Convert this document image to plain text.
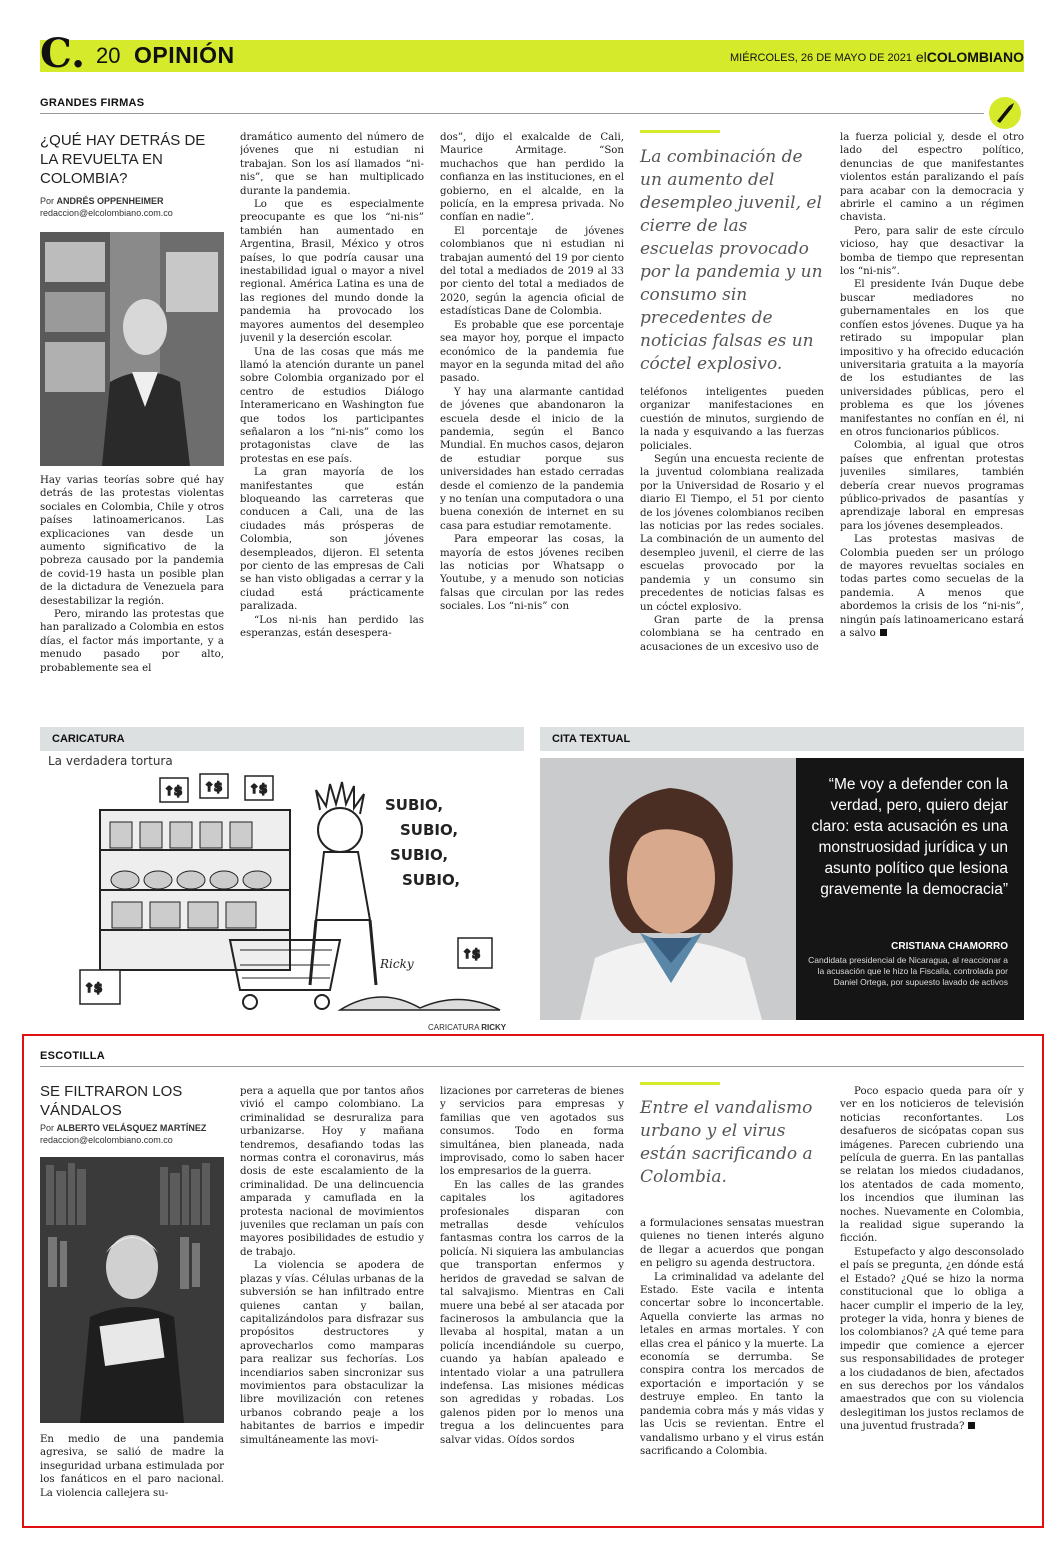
C. 20 OPINIÓN	MIÉRCOLES, 26 DE MAYO DE 2021 elCOLOMBIANO
GRANDES FIRMAS
¿QUÉ HAY DETRÁS DE LA REVUELTA EN COLOMBIA?
Por ANDRÉS OPPENHEIMER
redaccion@elcolombiano.com.co

Hay varias teorías sobre qué hay detrás de las protestas violentas sociales en Colombia, Chile y otros países latinoamericanos. Las explicaciones van desde un aumento significativo de la pobreza causado por la pandemia de covid-19 hasta un posible plan de la dictadura de Venezuela para desestabilizar la región.

Pero, mirando las protestas que han paralizado a Colombia en estos días, el factor más importante, y a menudo pasado por alto, probablemente sea el

dramático aumento del número de jóvenes que ni estudian ni trabajan. Son los así llamados “ni-nis”, que se han multiplicado durante la pandemia.

Lo que es especialmente preocupante es que los “ni-nis” también han aumentado en Argentina, Brasil, México y otros países, lo que podría causar una inestabilidad igual o mayor a nivel regional. América Latina es una de las regiones del mundo donde la pandemia ha provocado los mayores aumentos del desempleo juvenil y la deserción escolar.

Una de las cosas que más me llamó la atención durante un panel sobre Colombia organizado por el centro de estudios Diálogo Interamericano en Washington fue que todos los participantes señalaron a los “ni-nis” como los protagonistas clave de las protestas en ese país.

La gran mayoría de los manifestantes que están bloqueando las carreteras que conducen a Cali, una de las ciudades más prósperas de Colombia, son jóvenes desempleados, dijeron. El setenta por ciento de las empresas de Cali se han visto obligadas a cerrar y la ciudad está prácticamente paralizada.

“Los ni-nis han perdido las esperanzas, están desespera-

dos”, dijo el exalcalde de Cali, Maurice Armitage. “Son muchachos que han perdido la confianza en las instituciones, en el gobierno, en el alcalde, en la policía, en la empresa privada. No confían en nadie”.

El porcentaje de jóvenes colombianos que ni estudian ni trabajan aumentó del 19 por ciento del total a mediados de 2019 al 33 por ciento del total a mediados de 2020, según la agencia oficial de estadísticas Dane de Colombia.

Es probable que ese porcentaje sea mayor hoy, porque el impacto económico de la pandemia fue mayor en la segunda mitad del año pasado.

Y hay una alarmante cantidad de jóvenes que abandonaron la escuela desde el inicio de la pandemia, según el Banco Mundial. En muchos casos, dejaron de estudiar porque sus universidades han estado cerradas desde el comienzo de la pandemia y no tenían una computadora o una buena conexión de internet en su casa para estudiar remotamente.

Para empeorar las cosas, la mayoría de estos jóvenes reciben las noticias por Whatsapp o Youtube, y a menudo son noticias falsas que circulan por las redes sociales. Los “ni-nis” con

La combinación de un aumento del desempleo juvenil, el cierre de las escuelas provocado por la pandemia y un consumo sin precedentes de noticias falsas es un cóctel explosivo.

teléfonos inteligentes pueden organizar manifestaciones en cuestión de minutos, surgiendo de la nada y esquivando a las fuerzas policiales.

Según una encuesta reciente de la juventud colombiana realizada por la Universidad de Rosario y el diario El Tiempo, el 51 por ciento de los jóvenes colombianos reciben las noticias por las redes sociales. La combinación de un aumento del desempleo juvenil, el cierre de las escuelas provocado por la pandemia y un consumo sin precedentes de noticias falsas es un cóctel explosivo.

Gran parte de la prensa colombiana se ha centrado en acusaciones de un excesivo uso de

la fuerza policial y, desde el otro lado del espectro político, denuncias de que manifestantes violentos están paralizando el país para acabar con la democracia y abrirle el camino a un régimen chavista.

Pero, para salir de este círculo vicioso, hay que desactivar la bomba de tiempo que representan los “ni-nis”.

El presidente Iván Duque debe buscar mediadores no gubernamentales en los que confíen estos jóvenes. Duque ya ha retirado su impopular plan impositivo y ha ofrecido educación universitaria gratuita a la mayoría de los estudiantes de las universidades públicas, pero el problema es que los jóvenes manifestantes no confían en él, ni en otros funcionarios públicos.

Colombia, al igual que otros países que enfrentan protestas juveniles similares, también debería crear nuevos programas público-privados de pasantías y aprendizaje laboral en empresas para los jóvenes desempleados.

Las protestas masivas de Colombia pueden ser un prólogo de mayores revueltas sociales en todas partes como secuelas de la pandemia. A menos que abordemos la crisis de los “ni-nis”, ningún país latinoamericano estará a salvo

CARICATURA
La verdadera tortura
↑$ ↑$
↑$
↑$
↑$
SUBIO,
SUBIO,
SUBIO,
SUBIO,
Ricky
CARICATURA RICKY
CITA TEXTUAL
“Me voy a defender con la verdad, pero, quiero dejar claro: esta acusación es una monstruosidad jurídica y un asunto político que lesiona gravemente la democracia”
CRISTIANA CHAMORRO
Candidata presidencial de Nicaragua, al reaccionar a la acusación que le hizo la Fiscalía, controlada por Daniel Ortega, por supuesto lavado de activos
ESCOTILLA
SE FILTRARON LOS VÁNDALOS
Por ALBERTO VELÁSQUEZ MARTÍNEZ
redaccion@elcolombiano.com.co

En medio de una pandemia agresiva, se salió de madre la inseguridad urbana estimulada por los fanáticos en el paro nacional. La violencia callejera su-

pera a aquella que por tantos años vivió el campo colombiano. La criminalidad se desruraliza para urbanizarse. Hoy y mañana tendremos, desafiando todas las normas contra el coronavirus, más dosis de este escalamiento de la criminalidad. De una delincuencia amparada y camuflada en la protesta nacional de movimientos juveniles que reclaman un país con mayores posibilidades de estudio y de trabajo.

La violencia se apodera de plazas y vías. Células urbanas de la subversión se han infiltrado entre quienes cantan y bailan, capitalizándolos para disfrazar sus propósitos destructores y aprovecharlos como mamparas para realizar sus fechorías. Los incendiarios saben sincronizar sus movimientos para obstaculizar la libre movilización con retenes urbanos cobrando peaje a los habitantes de barrios e impedir simultáneamente las movi-

lizaciones por carreteras de bienes y servicios para empresas y familias que ven agotados sus consumos. Todo en forma simultánea, bien planeada, nada improvisado, como lo saben hacer los empresarios de la guerra.

En las calles de las grandes capitales los agitadores profesionales disparan con metrallas desde vehículos fantasmas contra los carros de la policía. Ni siquiera las ambulancias que transportan enfermos y heridos de gravedad se salvan de tal salvajismo. Mientras en Cali muere una bebé al ser atacada por facinerosos la ambulancia que la llevaba al hospital, matan a un policía incendiándole su cuerpo, cuando ya habían apaleado e intentado violar a una patrullera indefensa. Las misiones médicas son agredidas y robadas. Los galenos piden por lo menos una tregua a los delincuentes para salvar vidas. Oídos sordos

Entre el vandalismo urbano y el virus están sacrificando a Colombia.

a formulaciones sensatas muestran quienes no tienen interés alguno de llegar a acuerdos que pongan en peligro su agenda destructora.

La criminalidad va adelante del Estado. Este vacila e intenta concertar sobre lo inconcertable. Aquella convierte las armas no letales en armas mortales. Y con ellas crea el pánico y la muerte. La economía se derrumba. Se conspira contra los mercados de exportación e importación y se destruye empleo. En tanto la pandemia cobra más y más vidas y las Ucis se revientan. Entre el vandalismo urbano y el virus están sacrificando a Colombia.

Poco espacio queda para oír y ver en los noticieros de televisión noticias reconfortantes. Los desafueros de sicópatas copan sus imágenes. Parecen cubriendo una película de guerra. En las pantallas se relatan los miedos ciudadanos, los atentados de cada momento, los incendios que iluminan las noches. Nuevamente en Colombia, la realidad sigue superando la ficción.

Estupefacto y algo desconsolado el país se pregunta, ¿en dónde está el Estado? ¿Qué se hizo la norma constitucional que lo obliga a hacer cumplir el imperio de la ley, proteger la vida, honra y bienes de los colombianos? ¿A qué teme para impedir que comience a ejercer sus responsabilidades de proteger a los ciudadanos de bien, afectados en sus derechos por los vándalos amaestrados que con su violencia deslegitiman los justos reclamos de una juventud frustrada?
